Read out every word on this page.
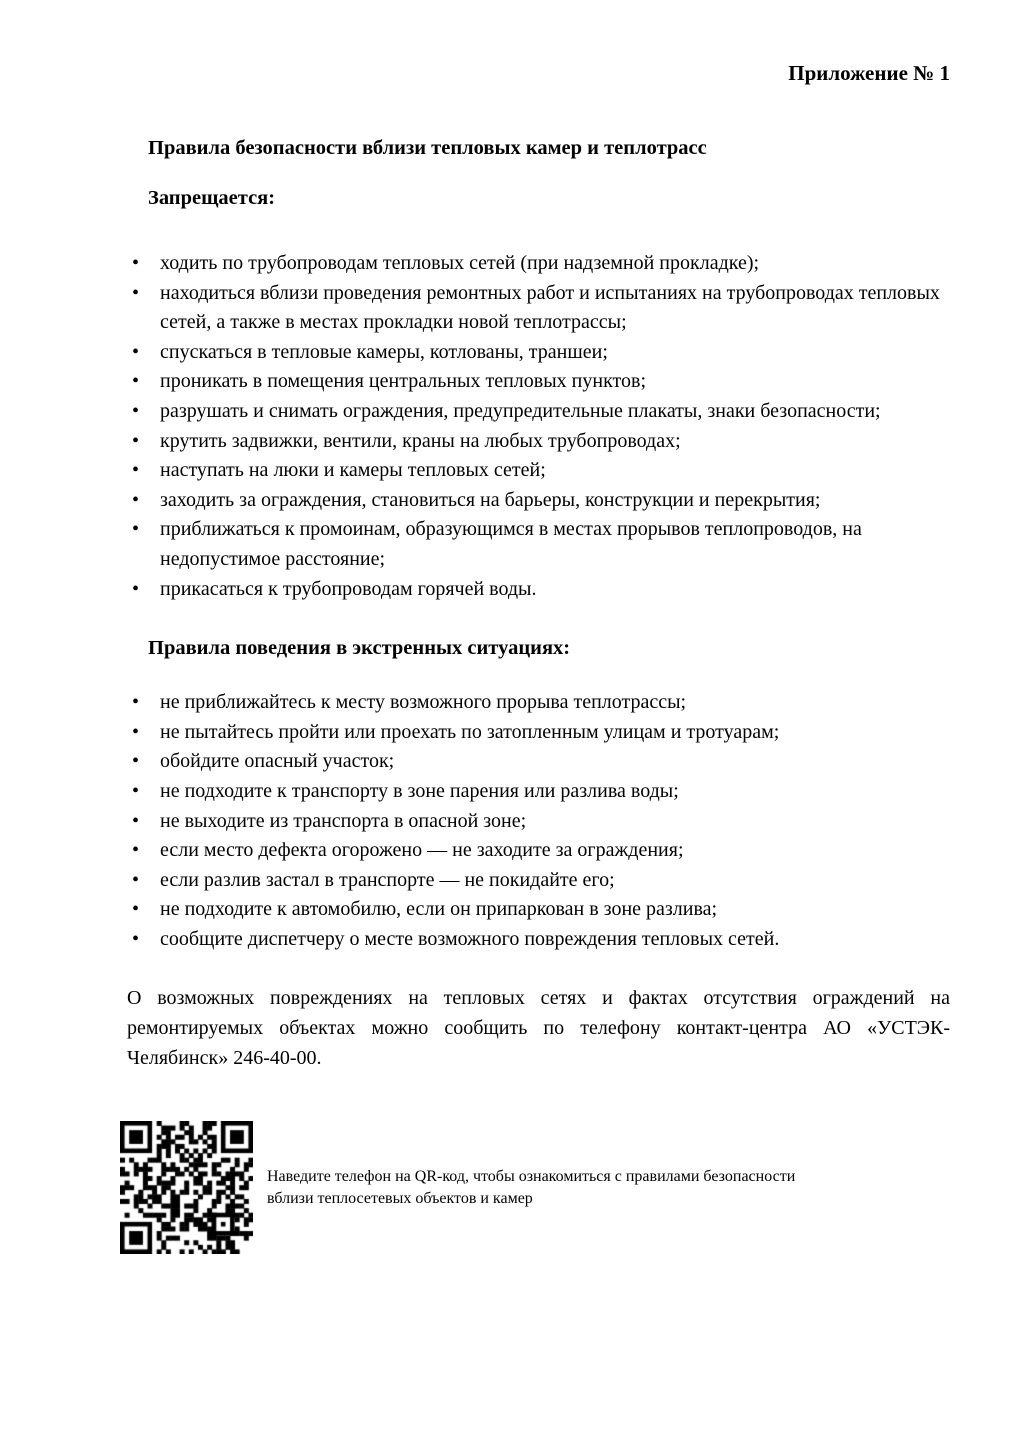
Приложение № 1
Правила безопасности вблизи тепловых камер и теплотрасс
Запрещается:
• ходить по трубопроводам тепловых сетей (при надземной прокладке);
• находиться вблизи проведения ремонтных работ и испытаниях на трубопроводах тепловых сетей, а также в местах прокладки новой теплотрассы;
• спускаться в тепловые камеры, котлованы, траншеи;
• проникать в помещения центральных тепловых пунктов;
• разрушать и снимать ограждения, предупредительные плакаты, знаки безопасности;
• крутить задвижки, вентили, краны на любых трубопроводах;
• наступать на люки и камеры тепловых сетей;
• заходить за ограждения, становиться на барьеры, конструкции и перекрытия;
• приближаться к промоинам, образующимся в местах прорывов теплопроводов, на недопустимое расстояние;
• прикасаться к трубопроводам горячей воды.
Правила поведения в экстренных ситуациях:
• не приближайтесь к месту возможного прорыва теплотрассы;
• не пытайтесь пройти или проехать по затопленным улицам и тротуарам;
• обойдите опасный участок;
• не подходите к транспорту в зоне парения или разлива воды;
• не выходите из транспорта в опасной зоне;
• если место дефекта огорожено — не заходите за ограждения;
• если разлив застал в транспорте — не покидайте его;
• не подходите к автомобилю, если он припаркован в зоне разлива;
• сообщите диспетчеру о месте возможного повреждения тепловых сетей.

О возможных повреждениях на тепловых сетях и фактах отсутствия ограждений на ремонтируемых объектах можно сообщить по телефону контакт-центра АО «УСТЭК-Челябинск» 246-40-00.

Наведите телефон на QR-код, чтобы ознакомиться с правилами безопасности вблизи теплосетевых объектов и камер
